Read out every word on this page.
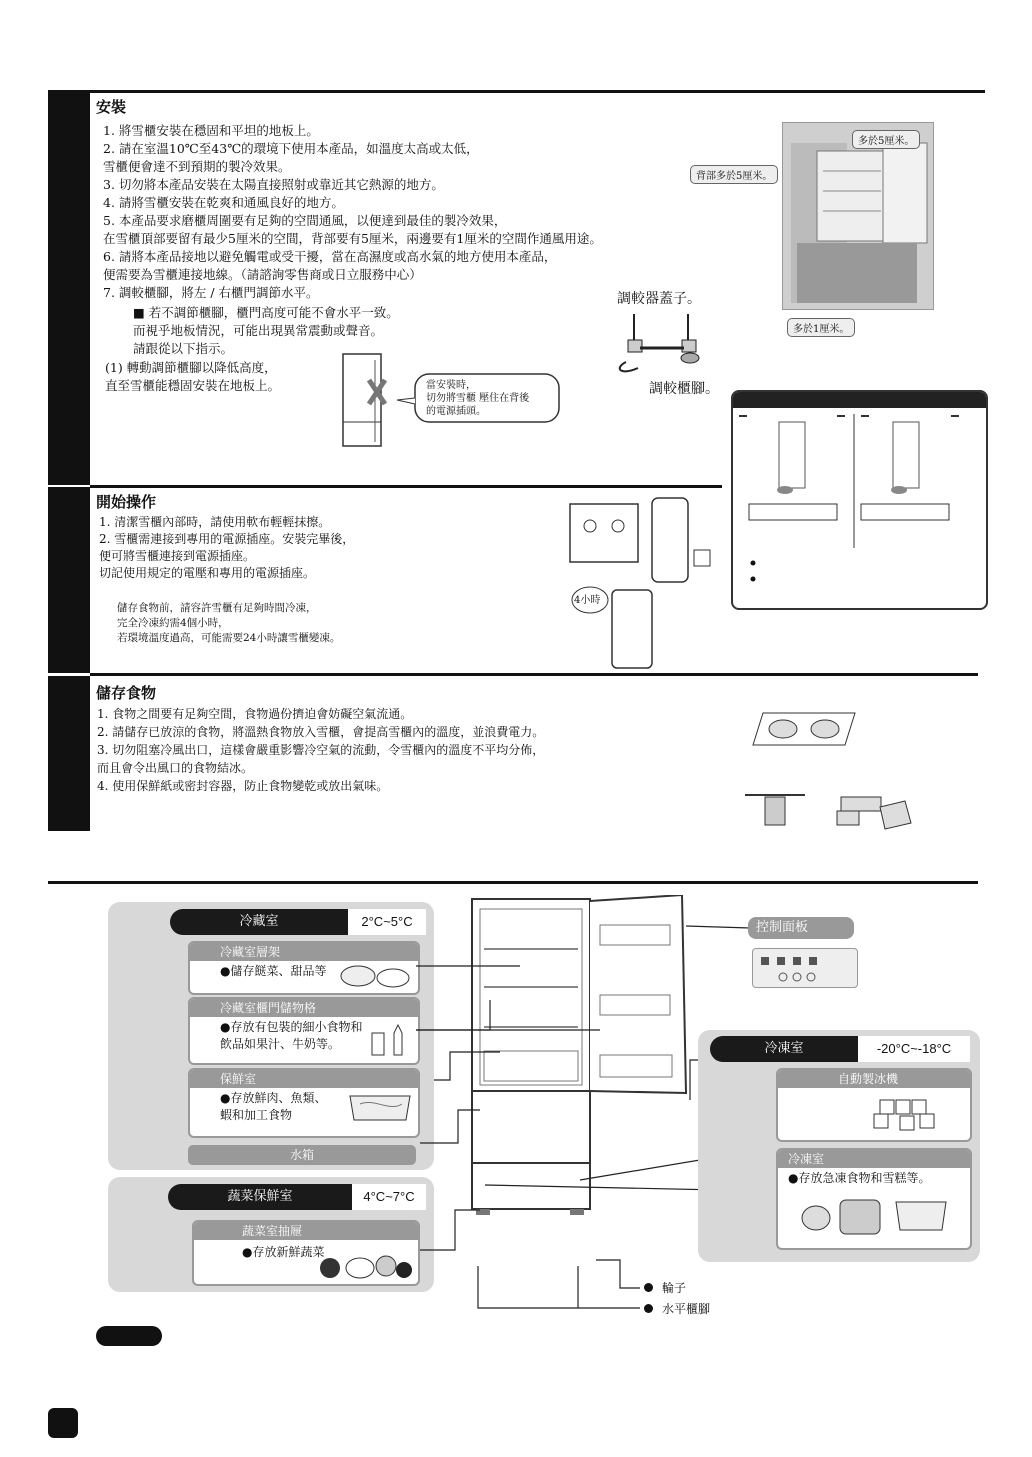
安裝
1. 將雪櫃安裝在穩固和平坦的地板上。
2. 請在室溫10℃至43℃的環境下使用本產品，如溫度太高或太低，
雪櫃便會達不到預期的製冷效果。
3. 切勿將本產品安裝在太陽直接照射或靠近其它熱源的地方。
4. 請將雪櫃安裝在乾爽和通風良好的地方。
5. 本產品要求磨櫃周圍要有足夠的空間通風，以便達到最佳的製冷效果，
在雪櫃頂部要留有最少5厘米的空間，背部要有5厘米，兩邊要有1厘米的空間作通風用途。
6. 請將本產品接地以避免觸電或受干擾，當在高濕度或高水氣的地方使用本產品，
便需要為雪櫃連接地線。（請諮詢零售商或日立服務中心）
7. 調較櫃腳，將左 / 右櫃門調節水平。
■ 若不調節櫃腳，櫃門高度可能不會水平一致。
而視乎地板情況，可能出現異常震動或聲音。
請跟從以下指示。
(1) 轉動調節櫃腳以降低高度，
直至雪櫃能穩固安裝在地板上。	當安裝時，
切勿將雪櫃 壓住在背後
的電源插頭。
調較器蓋子。
調較櫃腳。
多於5厘米。
背部多於5厘米。
多於1厘米。
開始操作
1. 清潔雪櫃內部時，請使用軟布輕輕抹擦。
2. 雪櫃需連接到專用的電源插座。安裝完畢後，
便可將雪櫃連接到電源插座。
切記使用規定的電壓和專用的電源插座。
儲存食物前，請容許雪櫃有足夠時間冷凍，
完全冷凍約需4個小時，
若環境溫度過高，可能需要24小時讓雪櫃變凍。
4小時
儲存食物
1. 食物之間要有足夠空間，食物過份擠迫會妨礙空氣流通。
2. 請儲存已放涼的食物，將溫熱食物放入雪櫃，會提高雪櫃內的溫度，並浪費電力。
3. 切勿阻塞冷風出口，這樣會嚴重影響冷空氣的流動，令雪櫃內的溫度不平均分佈，
而且會令出風口的食物結冰。
4. 使用保鮮紙或密封容器，防止食物變乾或放出氣味。
冷藏室	2°C~5°C
冷藏室層架
●儲存餸菜、甜品等
冷藏室櫃門儲物格
●存放有包裝的細小食物和
飲品如果汁、牛奶等。
保鮮室
●存放鮮肉、魚類、
蝦和加工食物
水箱
蔬菜保鮮室	4°C~7°C
蔬菜室抽屜
●存放新鮮蔬菜
控制面板
冷凍室	-20°C~-18°C
自動製冰機
冷凍室
●存放急凍食物和雪糕等。
輪子
水平櫃腳
